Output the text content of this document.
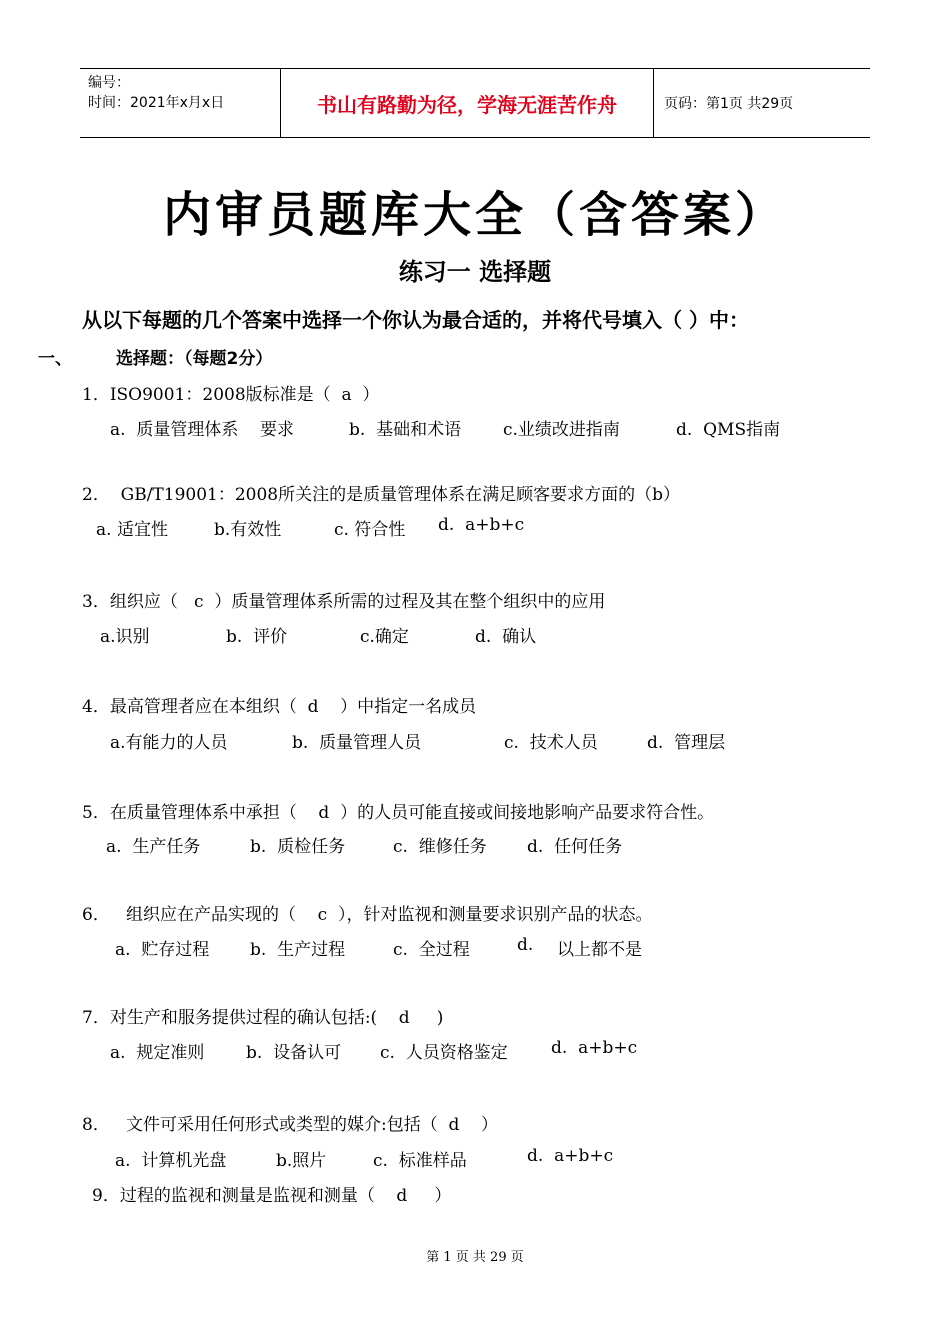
编号：
时间：2021年x月x日	书山有路勤为径，学海无涯苦作舟	页码：第1页 共29页
内审员题库大全（含答案）
练习一 选择题
从以下每题的几个答案中选择一个你认为最合适的，并将代号填入（ ）中：
一、	选择题：（每题2分）
1．ISO9001：2008版标准是（  a  ）
a.  质量管理体系    要求	b.  基础和术语 c.业绩改进指南	d.  QMS指南
2．  GB/T19001：2008所关注的是质量管理体系在满足顾客要求方面的（b）
a. 适宜性	b.有效性	c. 符合性 d.  a+b+c
3．组织应（   c  ）质量管理体系所需的过程及其在整个组织中的应用
a.识别	b.  评价	c.确定	d.  确认
4．最高管理者应在本组织（  d    ）中指定一名成员
a.有能力的人员	b.  质量管理人员	c.  技术人员	d.  管理层
5．在质量管理体系中承担（    d  ）的人员可能直接或间接地影响产品要求符合性。
a.  生产任务	b.  质检任务	c.  维修任务 d.  任何任务
6．   组织应在产品实现的（    c  ），针对监视和测量要求识别产品的状态。
a.  贮存过程 b.  生产过程	c.  全过程	d. 以上都不是
7．对生产和服务提供过程的确认包括:(    d     )
a.  规定准则 b.  设备认可 c.  人员资格鉴定	d.  a+b+c
8．   文件可采用任何形式或类型的媒介:包括（  d    ）
a.  计算机光盘	b.照片	c.  标准样品	d.  a+b+c
9．过程的监视和测量是监视和测量（    d     ）
第 1 页 共 29 页
